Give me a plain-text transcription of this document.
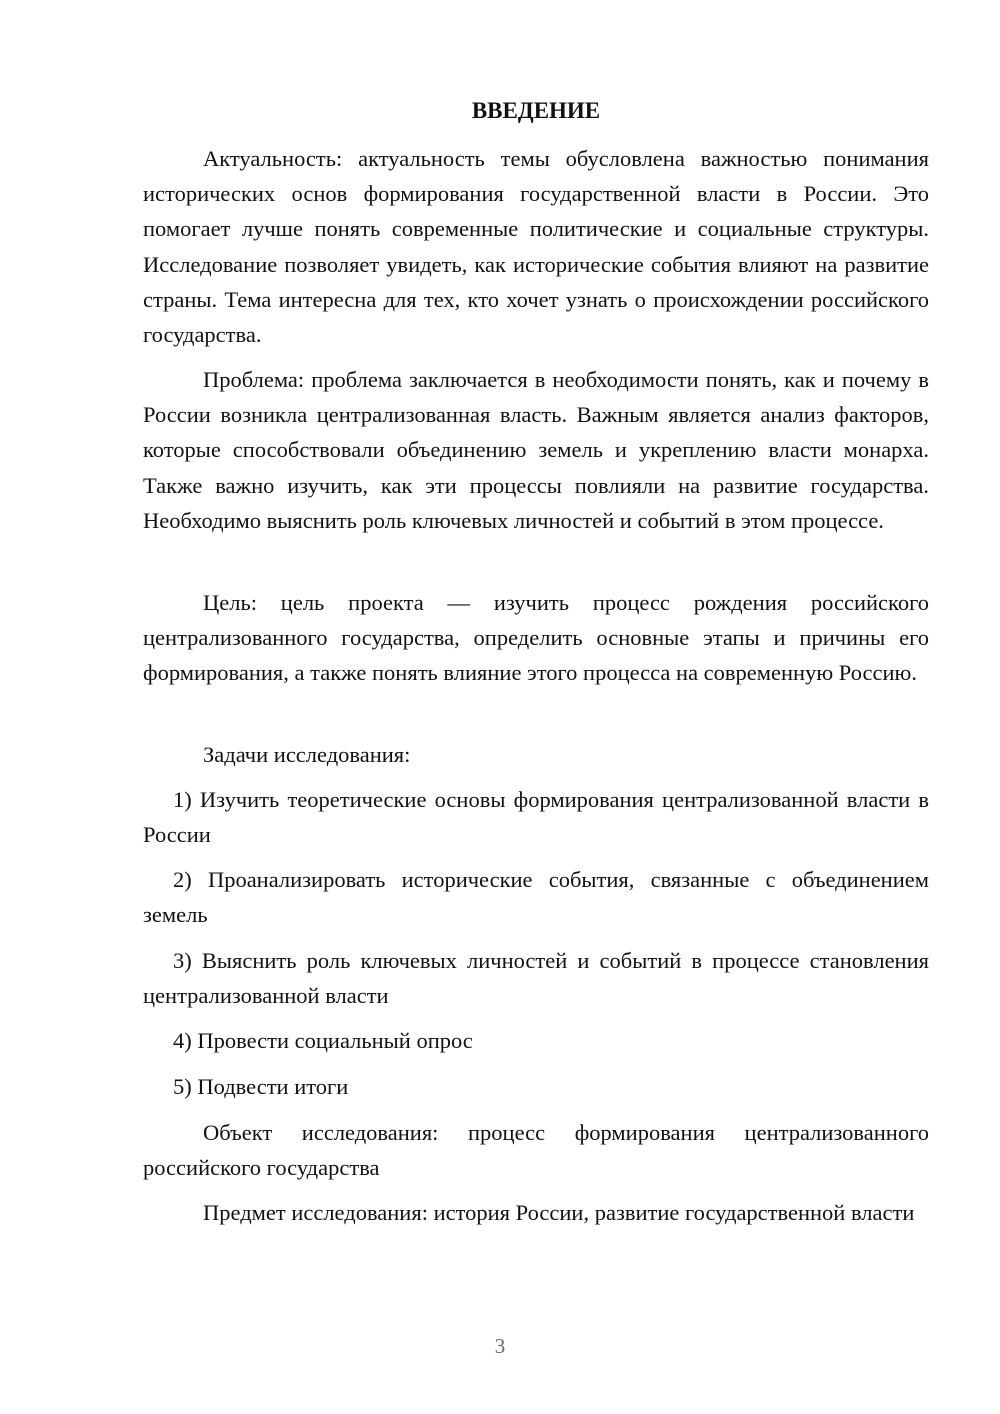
ВВЕДЕНИЕ

Актуальность: актуальность темы обусловлена важностью понимания исторических основ формирования государственной власти в России. Это помогает лучше понять современные политические и социальные структуры. Исследование позволяет увидеть, как исторические события влияют на развитие страны. Тема интересна для тех, кто хочет узнать о происхождении российского государства.

Проблема: проблема заключается в необходимости понять, как и почему в России возникла централизованная власть. Важным является анализ факторов, которые способствовали объединению земель и укреплению власти монарха. Также важно изучить, как эти процессы повлияли на развитие государства. Необходимо выяснить роль ключевых личностей и событий в этом процессе.

Цель: цель проекта — изучить процесс рождения российского централизованного государства, определить основные этапы и причины его формирования, а также понять влияние этого процесса на современную Россию.

Задачи исследования:

1) Изучить теоретические основы формирования централизованной власти в России

2) Проанализировать исторические события, связанные с объединением земель

3) Выяснить роль ключевых личностей и событий в процессе становления централизованной власти

4) Провести социальный опрос

5) Подвести итоги

Объект исследования: процесс формирования централизованного российского государства

Предмет исследования: история России, развитие государственной власти

3
